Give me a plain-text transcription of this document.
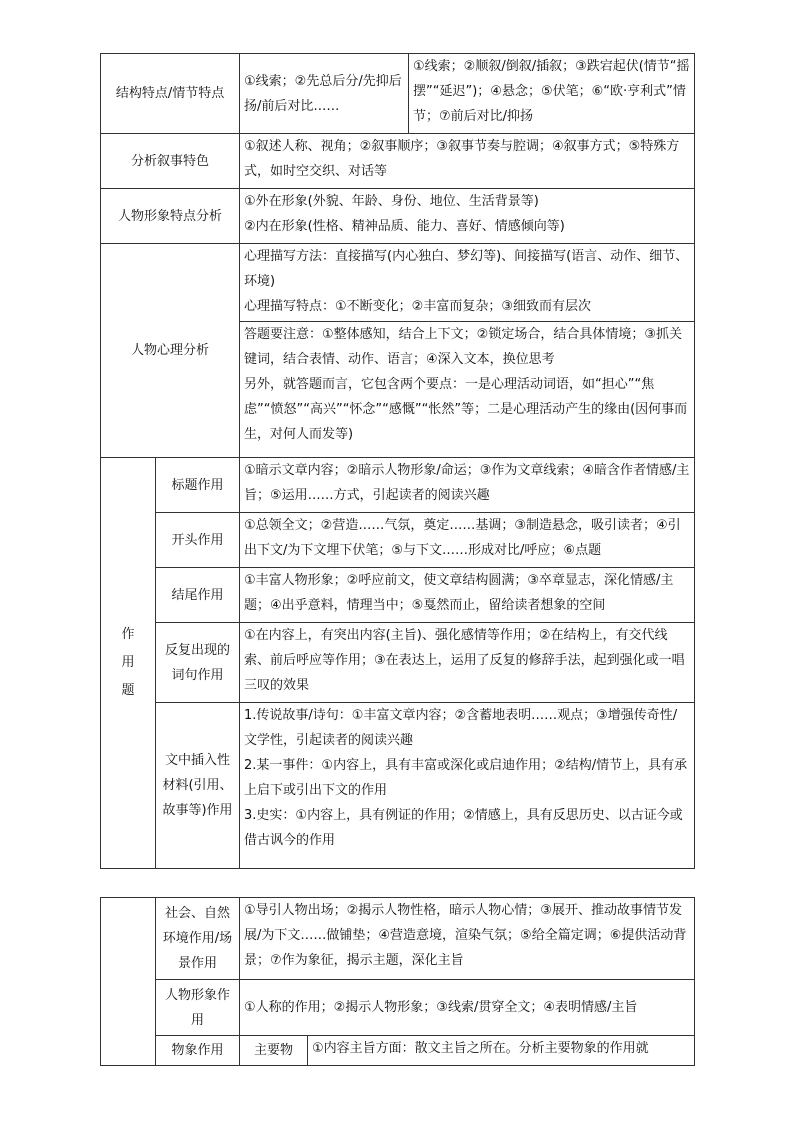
结构特点/情节特点		①线索；②先总后分/先抑后扬/前后对比……	①线索；②顺叙/倒叙/插叙；③跌宕起伏(情节“摇摆”“延迟”)；④悬念；⑤伏笔；⑥“欧·亨利式”情节；⑦前后对比/抑扬
分析叙事特色		①叙述人称、视角；②叙事顺序；③叙事节奏与腔调；④叙事方式；⑤特殊方式，如时空交织、对话等	
人物形象特点分析		①外在形象(外貌、年龄、身份、地位、生活背景等)
②内在形象(性格、精神品质、能力、喜好、情感倾向等)	

人物心理分析		心理描写方法：直接描写(内心独白、梦幻等)、间接描写(语言、动作、细节、环境)
心理描写特点：①不断变化；②丰富而复杂；③细致而有层次	

		答题要注意：①整体感知，结合上下文；②锁定场合，结合具体情境；③抓关键词，结合表情、动作、语言；④深入文本，换位思考
另外，就答题而言，它包含两个要点：一是心理活动词语，如“担心”“焦虑”“愤怒”“高兴”“怀念”“感慨”“怅然”等；二是心理活动产生的缘由(因何事而生，对何人而发等)	

作
用
题	标题作用	①暗示文章内容；②暗示人物形象/命运；③作为文章线索；④暗含作者情感/主旨；⑤运用……方式，引起读者的阅读兴趣	
	开头作用	①总领全文；②营造……气氛，奠定……基调；③制造悬念，吸引读者；④引出下文/为下文埋下伏笔；⑤与下文……形成对比/呼应；⑥点题	
	结尾作用	①丰富人物形象；②呼应前文，使文章结构圆满；③卒章显志，深化情感/主题；④出乎意料，情理当中；⑤戛然而止，留给读者想象的空间	
	反复出现的词句作用	①在内容上，有突出内容(主旨)、强化感情等作用；②在结构上，有交代线索、前后呼应等作用；③在表达上，运用了反复的修辞手法，起到强化或一唱三叹的效果	
	文中插入性材料(引用、故事等)作用	1.传说故事/诗句：①丰富文章内容；②含蓄地表明……观点；③增强传奇性/文学性，引起读者的阅读兴趣
2.某一事件：①内容上，具有丰富或深化或启迪作用；②结构/情节上，具有承上启下或引出下文的作用
3.史实：①内容上，具有例证的作用；②情感上，具有反思历史、以古证今或借古讽今的作用	
	社会、自然环境作用/场景作用	①导引人物出场；②揭示人物性格，暗示人物心情；③展开、推动故事情节发展/为下文……做铺垫；④营造意境，渲染气氛；⑤给全篇定调；⑥提供活动背景；⑦作为象征，揭示主题，深化主旨	
	人物形象作用	①人称的作用；②揭示人物形象；③线索/贯穿全文；④表明情感/主旨	
	物象作用	主要物	①内容主旨方面：散文主旨之所在。分析主要物象的作用就
